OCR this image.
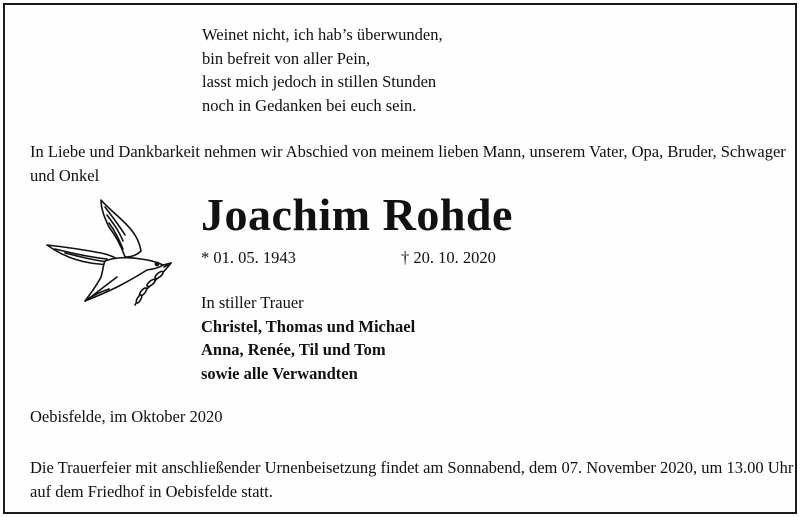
Weinet nicht, ich hab’s überwunden,
bin befreit von aller Pein,
lasst mich jedoch in stillen Stunden
noch in Gedanken bei euch sein.
In Liebe und Dankbarkeit nehmen wir Abschied von meinem lieben Mann, unserem Vater, Opa, Bruder, Schwager und Onkel
Joachim Rohde
* 01. 05. 1943	† 20. 10. 2020
In stiller Trauer
Christel, Thomas und Michael
Anna, Renée, Til und Tom
sowie alle Verwandten
Oebisfelde, im Oktober 2020
Die Trauerfeier mit anschließender Urnenbeisetzung findet am Sonnabend, dem 07. November 2020, um 13.00 Uhr auf dem Friedhof in Oebisfelde statt.
